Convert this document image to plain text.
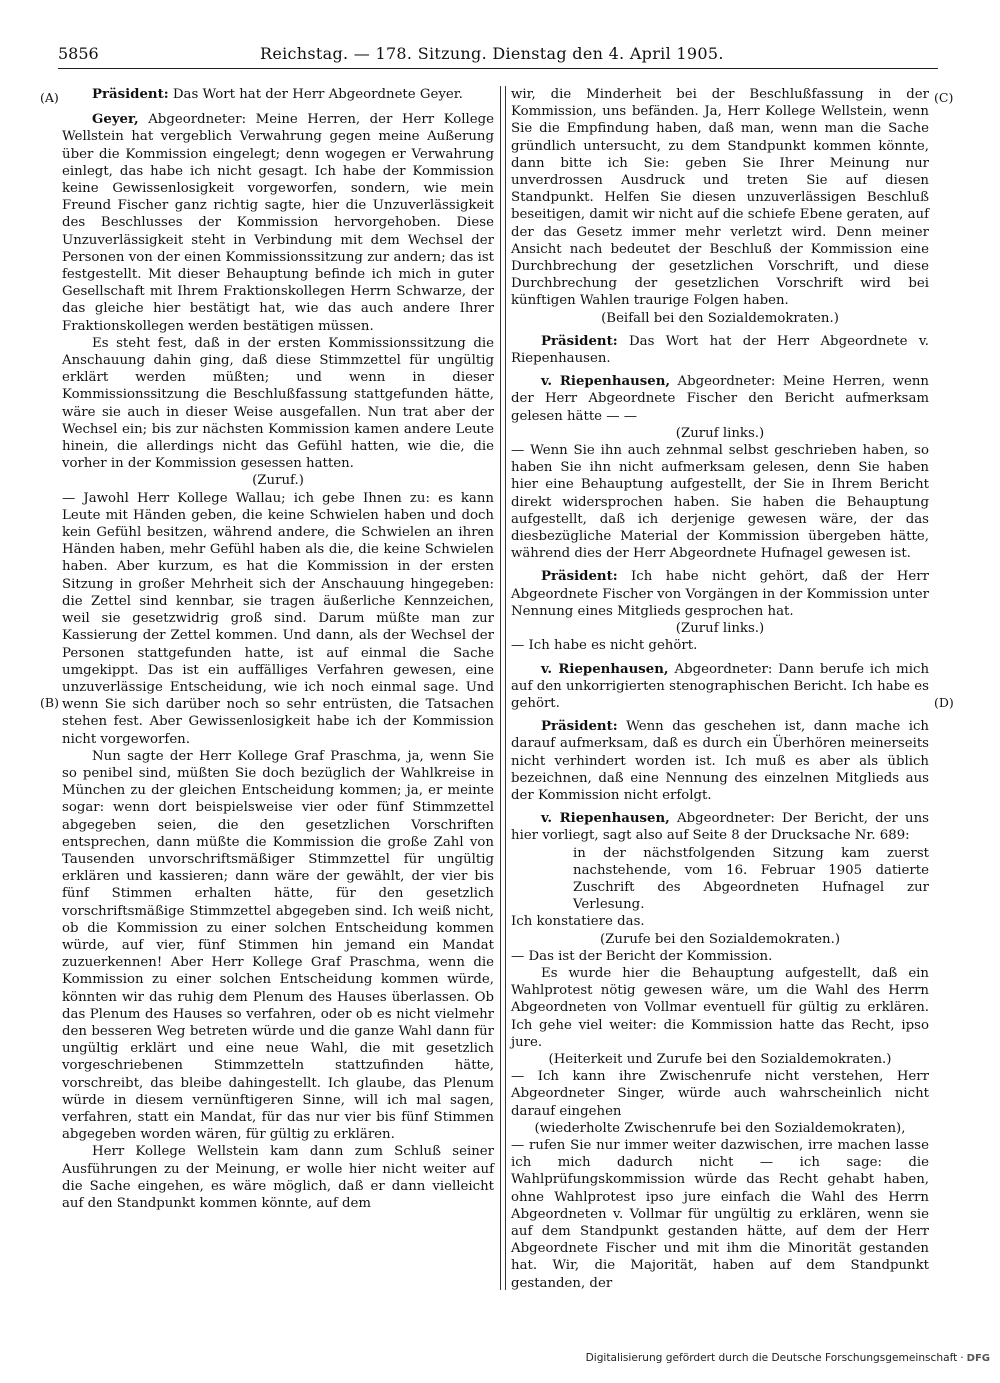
5856	Reichstag. — 178. Sitzung. Dienstag den 4. April 1905.
(A)
(B)
(C)
(D)

Präsident: Das Wort hat der Herr Abgeordnete Geyer.

Geyer, Abgeordneter: Meine Herren, der Herr Kollege Wellstein hat vergeblich Verwahrung gegen meine Außerung über die Kommission eingelegt; denn wogegen er Verwahrung einlegt, das habe ich nicht gesagt. Ich habe der Kommission keine Gewissenlosigkeit vorgeworfen, sondern, wie mein Freund Fischer ganz richtig sagte, hier die Unzuverlässigkeit des Beschlusses der Kommission hervorgehoben. Diese Unzuverlässigkeit steht in Verbindung mit dem Wechsel der Personen von der einen Kommissionssitzung zur andern; das ist festgestellt. Mit dieser Behauptung befinde ich mich in guter Gesellschaft mit Ihrem Fraktionskollegen Herrn Schwarze, der das gleiche hier bestätigt hat, wie das auch andere Ihrer Fraktionskollegen werden bestätigen müssen.

Es steht fest, daß in der ersten Kommissionssitzung die Anschauung dahin ging, daß diese Stimmzettel für ungültig erklärt werden müßten; und wenn in dieser Kommissionssitzung die Beschlußfassung stattgefunden hätte, wäre sie auch in dieser Weise ausgefallen. Nun trat aber der Wechsel ein; bis zur nächsten Kommission kamen andere Leute hinein, die allerdings nicht das Gefühl hatten, wie die, die vorher in der Kommission gesessen hatten.

(Zuruf.)

— Jawohl Herr Kollege Wallau; ich gebe Ihnen zu: es kann Leute mit Händen geben, die keine Schwielen haben und doch kein Gefühl besitzen, während andere, die Schwielen an ihren Händen haben, mehr Gefühl haben als die, die keine Schwielen haben. Aber kurzum, es hat die Kommission in der ersten Sitzung in großer Mehrheit sich der Anschauung hingegeben: die Zettel sind kennbar, sie tragen äußerliche Kennzeichen, weil sie gesetzwidrig groß sind. Darum müßte man zur Kassierung der Zettel kommen. Und dann, als der Wechsel der Personen stattgefunden hatte, ist auf einmal die Sache umgekippt. Das ist ein auffälliges Verfahren gewesen, eine unzuverlässige Entscheidung, wie ich noch einmal sage. Und wenn Sie sich darüber noch so sehr entrüsten, die Tatsachen stehen fest. Aber Gewissenlosigkeit habe ich der Kommission nicht vorgeworfen.

Nun sagte der Herr Kollege Graf Praschma, ja, wenn Sie so penibel sind, müßten Sie doch bezüglich der Wahlkreise in München zu der gleichen Entscheidung kommen; ja, er meinte sogar: wenn dort beispielsweise vier oder fünf Stimmzettel abgegeben seien, die den gesetzlichen Vorschriften entsprechen, dann müßte die Kommission die große Zahl von Tausenden unvorschriftsmäßiger Stimmzettel für ungültig erklären und kassieren; dann wäre der gewählt, der vier bis fünf Stimmen erhalten hätte, für den gesetzlich vorschriftsmäßige Stimmzettel abgegeben sind. Ich weiß nicht, ob die Kommission zu einer solchen Entscheidung kommen würde, auf vier, fünf Stimmen hin jemand ein Mandat zuzuerkennen! Aber Herr Kollege Graf Praschma, wenn die Kommission zu einer solchen Entscheidung kommen würde, könnten wir das ruhig dem Plenum des Hauses überlassen. Ob das Plenum des Hauses so verfahren, oder ob es nicht vielmehr den besseren Weg betreten würde und die ganze Wahl dann für ungültig erklärt und eine neue Wahl, die mit gesetzlich vorgeschriebenen Stimmzetteln stattzufinden hätte, vorschreibt, das bleibe dahingestellt. Ich glaube, das Plenum würde in diesem vernünftigeren Sinne, will ich mal sagen, verfahren, statt ein Mandat, für das nur vier bis fünf Stimmen abgegeben worden wären, für gültig zu erklären.

Herr Kollege Wellstein kam dann zum Schluß seiner Ausführungen zu der Meinung, er wolle hier nicht weiter auf die Sache eingehen, es wäre möglich, daß er dann vielleicht auf den Standpunkt kommen könnte, auf dem

wir, die Minderheit bei der Beschlußfassung in der Kommission, uns befänden. Ja, Herr Kollege Wellstein, wenn Sie die Empfindung haben, daß man, wenn man die Sache gründlich untersucht, zu dem Standpunkt kommen könnte, dann bitte ich Sie: geben Sie Ihrer Meinung nur unverdrossen Ausdruck und treten Sie auf diesen Standpunkt. Helfen Sie diesen unzuverlässigen Beschluß beseitigen, damit wir nicht auf die schiefe Ebene geraten, auf der das Gesetz immer mehr verletzt wird. Denn meiner Ansicht nach bedeutet der Beschluß der Kommission eine Durchbrechung der gesetzlichen Vorschrift, und diese Durchbrechung der gesetzlichen Vorschrift wird bei künftigen Wahlen traurige Folgen haben.

(Beifall bei den Sozialdemokraten.)

Präsident: Das Wort hat der Herr Abgeordnete v. Riepenhausen.

v. Riepenhausen, Abgeordneter: Meine Herren, wenn der Herr Abgeordnete Fischer den Bericht aufmerksam gelesen hätte — —

(Zuruf links.)

— Wenn Sie ihn auch zehnmal selbst geschrieben haben, so haben Sie ihn nicht aufmerksam gelesen, denn Sie haben hier eine Behauptung aufgestellt, der Sie in Ihrem Bericht direkt widersprochen haben. Sie haben die Behauptung aufgestellt, daß ich derjenige gewesen wäre, der das diesbezügliche Material der Kommission übergeben hätte, während dies der Herr Abgeordnete Hufnagel gewesen ist.

Präsident: Ich habe nicht gehört, daß der Herr Abgeordnete Fischer von Vorgängen in der Kommission unter Nennung eines Mitglieds gesprochen hat.

(Zuruf links.)

— Ich habe es nicht gehört.

v. Riepenhausen, Abgeordneter: Dann berufe ich mich auf den unkorrigierten stenographischen Bericht. Ich habe es gehört.

Präsident: Wenn das geschehen ist, dann mache ich darauf aufmerksam, daß es durch ein Überhören meinerseits nicht verhindert worden ist. Ich muß es aber als üblich bezeichnen, daß eine Nennung des einzelnen Mitglieds aus der Kommission nicht erfolgt.

v. Riepenhausen, Abgeordneter: Der Bericht, der uns hier vorliegt, sagt also auf Seite 8 der Drucksache Nr. 689:

in der nächstfolgenden Sitzung kam zuerst nachstehende, vom 16. Februar 1905 datierte Zuschrift des Abgeordneten Hufnagel zur Verlesung.

Ich konstatiere das.

(Zurufe bei den Sozialdemokraten.)

— Das ist der Bericht der Kommission.

Es wurde hier die Behauptung aufgestellt, daß ein Wahlprotest nötig gewesen wäre, um die Wahl des Herrn Abgeordneten von Vollmar eventuell für gültig zu erklären. Ich gehe viel weiter: die Kommission hatte das Recht, ipso jure.

(Heiterkeit und Zurufe bei den Sozialdemokraten.)

— Ich kann ihre Zwischenrufe nicht verstehen, Herr Abgeordneter Singer, würde auch wahrscheinlich nicht darauf eingehen

(wiederholte Zwischenrufe bei den Sozialdemokraten),

— rufen Sie nur immer weiter dazwischen, irre machen lasse ich mich dadurch nicht — ich sage: die Wahlprüfungskommission würde das Recht gehabt haben, ohne Wahlprotest ipso jure einfach die Wahl des Herrn Abgeordneten v. Vollmar für ungültig zu erklären, wenn sie auf dem Standpunkt gestanden hätte, auf dem der Herr Abgeordnete Fischer und mit ihm die Minorität gestanden hat. Wir, die Majorität, haben auf dem Standpunkt gestanden, der

Digitalisierung gefördert durch die Deutsche Forschungsgemeinschaft · DFG
